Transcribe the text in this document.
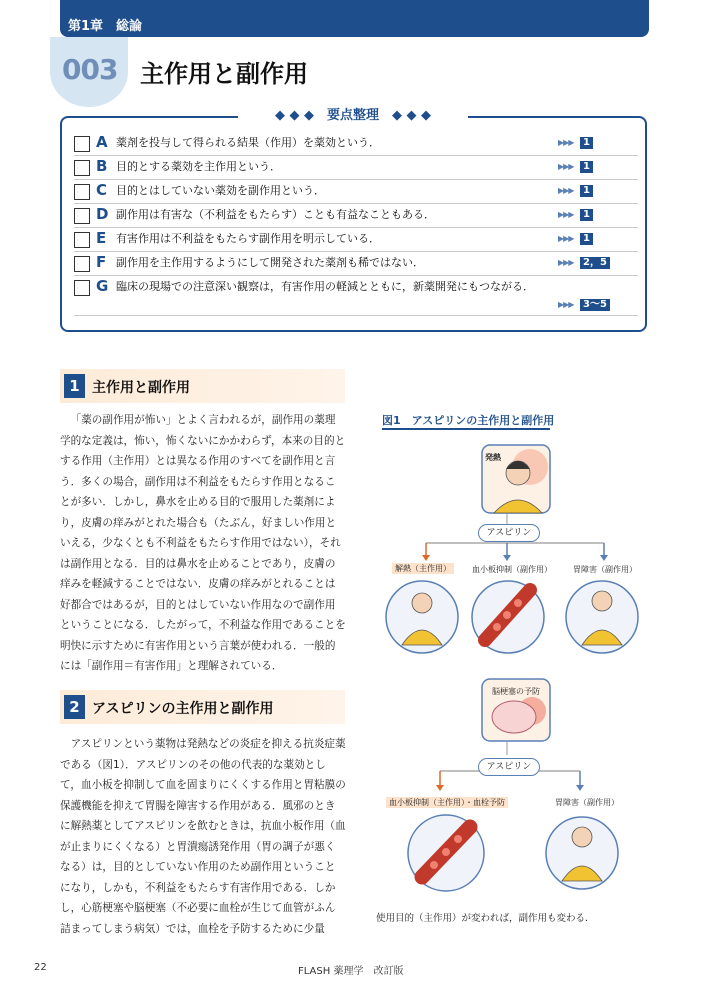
第1章　総論
003 主作用と副作用
◆ ◆ ◆　要点整理　◆ ◆ ◆
A 薬剤を投与して得られる結果（作用）を薬効という．	▶▶▶ 1
B 目的とする薬効を主作用という．	▶▶▶ 1
C 目的とはしていない薬効を副作用という．	▶▶▶ 1
D 副作用は有害な（不利益をもたらす）ことも有益なこともある．	▶▶▶ 1
E 有害作用は不利益をもたらす副作用を明示している．	▶▶▶ 1
F 副作用を主作用するようにして開発された薬剤も稀ではない．	▶▶▶ 2，5
G 臨床の現場での注意深い観察は，有害作用の軽減とともに，新薬開発にもつながる．
▶▶▶ 3〜5
1 主作用と副作用

「薬の副作用が怖い」とよく言われるが，副作用の薬理学的な定義は，怖い，怖くないにかかわらず，本来の目的とする作用（主作用）とは異なる作用のすべてを副作用と言う．多くの場合，副作用は不利益をもたらす作用となることが多い．しかし，鼻水を止める目的で服用した薬剤により，皮膚の痒みがとれた場合も（たぶん，好ましい作用といえる，少なくとも不利益をもたらす作用ではない），それは副作用となる．目的は鼻水を止めることであり，皮膚の痒みを軽減することではない．皮膚の痒みがとれることは好都合ではあるが，目的とはしていない作用なので副作用ということになる．したがって，不利益な作用であることを明快に示すために有害作用という言葉が使われる．一般的には「副作用＝有害作用」と理解されている．

2 アスピリンの主作用と副作用

アスピリンという薬物は発熱などの炎症を抑える抗炎症薬である（図1）．アスピリンのその他の代表的な薬効として，血小板を抑制して血を固まりにくくする作用と胃粘膜の保護機能を抑えて胃腸を障害する作用がある．風邪のときに解熱薬としてアスピリンを飲むときは，抗血小板作用（血が止まりにくくなる）と胃潰瘍誘発作用（胃の調子が悪くなる）は，目的としていない作用のため副作用ということになり，しかも，不利益をもたらす有害作用である．しかし，心筋梗塞や脳梗塞（不必要に血栓が生じて血管がふん詰まってしまう病気）では，血栓を予防するために少量

図1　アスピリンの主作用と副作用
発熱
アスピリン
解熱（主作用）	血小板抑制（副作用）	胃障害（副作用）
脳梗塞の予防
アスピリン
血小板抑制（主作用）・血栓予防	胃障害（副作用）
使用目的（主作用）が変われば，副作用も変わる．
22	FLASH 薬理学　改訂版
